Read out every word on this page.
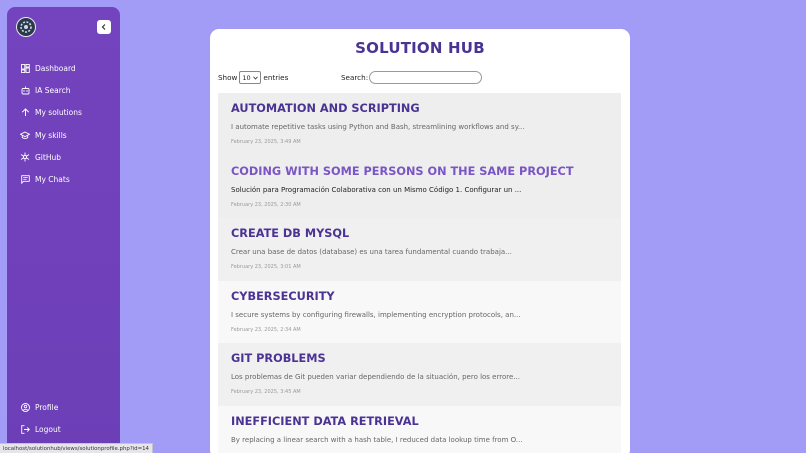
Dashboard
IA Search
My solutions
My skills
GitHub
My Chats
Profile
Logout
SOLUTION HUB
Show 10 entries	Search:
AUTOMATION AND SCRIPTING
I automate repetitive tasks using Python and Bash, streamlining workflows and sy...
February 23, 2025, 3:49 AM
CODING WITH SOME PERSONS ON THE SAME PROJECT
Solución para Programación Colaborativa con un Mismo Código 1. Configurar un ...
February 23, 2025, 2:30 AM
CREATE DB MYSQL
Crear una base de datos (database) es una tarea fundamental cuando trabaja...
February 23, 2025, 3:01 AM
CYBERSECURITY
I secure systems by configuring firewalls, implementing encryption protocols, an...
February 23, 2025, 2:34 AM
GIT PROBLEMS
Los problemas de Git pueden variar dependiendo de la situación, pero los errore...
February 23, 2025, 3:45 AM
INEFFICIENT DATA RETRIEVAL
By replacing a linear search with a hash table, I reduced data lookup time from O...
localhost/solutionhub/views/solutionprofile.php?id=14
